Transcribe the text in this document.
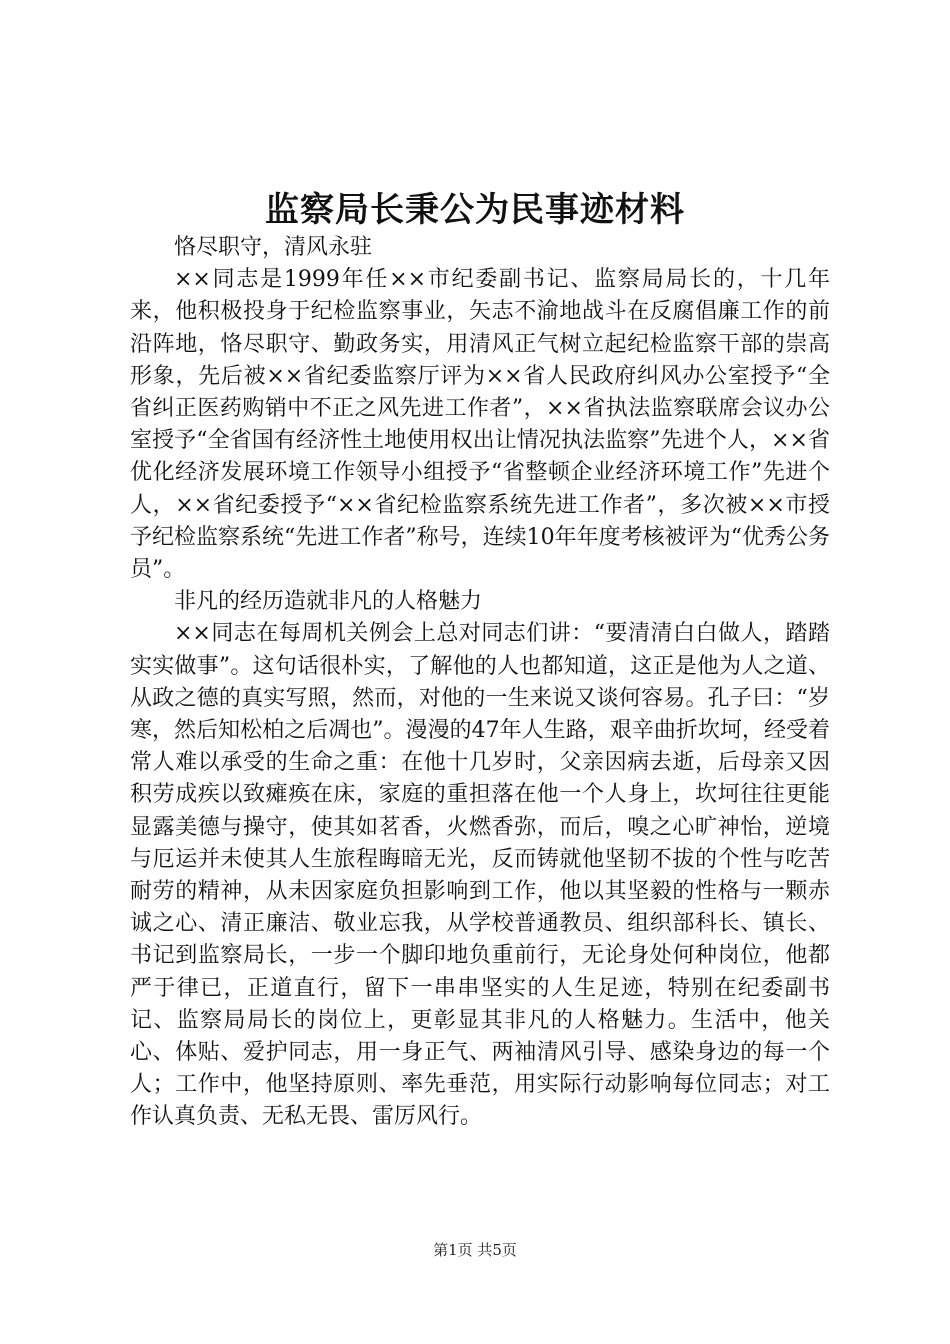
监察局长秉公为民事迹材料

恪尽职守，清风永驻

××同志是1999年任××市纪委副书记、监察局局长的，十几年来，他积极投身于纪检监察事业，矢志不渝地战斗在反腐倡廉工作的前沿阵地，恪尽职守、勤政务实，用清风正气树立起纪检监察干部的崇高形象，先后被××省纪委监察厅评为××省人民政府纠风办公室授予“全省纠正医药购销中不正之风先进工作者”，××省执法监察联席会议办公室授予“全省国有经济性土地使用权出让情况执法监察”先进个人，××省优化经济发展环境工作领导小组授予“省整顿企业经济环境工作”先进个人，××省纪委授予“××省纪检监察系统先进工作者”，多次被××市授予纪检监察系统“先进工作者”称号，连续10年年度考核被评为“优秀公务员”。

非凡的经历造就非凡的人格魅力

××同志在每周机关例会上总对同志们讲：“要清清白白做人，踏踏实实做事”。这句话很朴实，了解他的人也都知道，这正是他为人之道、从政之德的真实写照，然而，对他的一生来说又谈何容易。孔子曰：“岁寒，然后知松柏之后凋也”。漫漫的47年人生路，艰辛曲折坎坷，经受着常人难以承受的生命之重：在他十几岁时，父亲因病去逝，后母亲又因积劳成疾以致瘫痪在床，家庭的重担落在他一个人身上，坎坷往往更能显露美德与操守，使其如茗香，火燃香弥，而后，嗅之心旷神怡，逆境与厄运并未使其人生旅程晦暗无光，反而铸就他坚韧不拔的个性与吃苦耐劳的精神，从未因家庭负担影响到工作，他以其坚毅的性格与一颗赤诚之心、清正廉洁、敬业忘我，从学校普通教员、组织部科长、镇长、书记到监察局长，一步一个脚印地负重前行，无论身处何种岗位，他都严于律已，正道直行，留下一串串坚实的人生足迹，特别在纪委副书记、监察局局长的岗位上，更彰显其非凡的人格魅力。生活中，他关心、体贴、爱护同志，用一身正气、两袖清风引导、感染身边的每一个人；工作中，他坚持原则、率先垂范，用实际行动影响每位同志；对工作认真负责、无私无畏、雷厉风行。

第1页 共5页
